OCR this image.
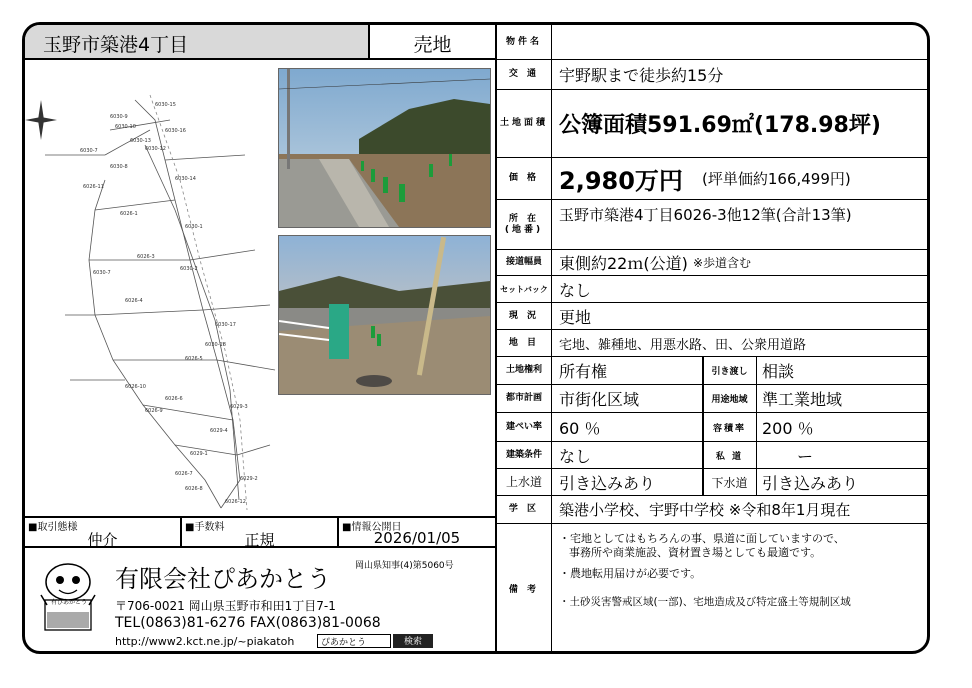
玉野市築港4丁目	売地
6030-15
6030-9
6030-10
6030-16
6030-13
6030-12
6030-7
6030-8
6026-11
6030-14
6026-1
6030-1
6030-2
6026-3
6030-7
6026-4
6030-17
6030-18
6026-5
6026-10
6026-6
6026-9
6029-3
6029-4
6029-2
6026-7
6026-8
6026-12
6029-1
■取引態様
仲介
■手数料
正規
■情報公開日
2026/01/05
有ぴあかとう
有限会社ぴあかとう	岡山県知事(4)第5060号
〒706-0021 岡山県玉野市和田1丁目7-1
TEL(0863)81-6276 FAX(0863)81-0068
http://www2.kct.ne.jp/~piakatoh	ぴあかとう	検索
物件名
交 通	宇野駅まで徒歩約15分
土地面積 公簿面積591.69㎡(178.98坪)
価 格 2,980万円 (坪単価約166,499円)
所 在
(地番)
玉野市築港4丁目6026-3他12筆(合計13筆)
接道幅員	東側約22ｍ(公道) ※歩道含む
セットバック なし
現 況	更地
地 目	宅地、雑種地、用悪水路、田、公衆用道路
土地権利	所有権	引き渡し 相談
都市計画	市街化区域	用途地域 準工業地域
建ぺい率	60 ％	容積率	200 ％
建築条件	なし	私 道	ー
上水道	引き込みあり	下水道 引き込みあり
学 区	築港小学校、宇野中学校 ※令和8年1月現在
備 考
・宅地としてはもちろんの事、県道に面していますので、
事務所や商業施設、資材置き場としても最適です。
・農地転用届けが必要です。
・土砂災害警戒区域(一部)、宅地造成及び特定盛土等規制区域
